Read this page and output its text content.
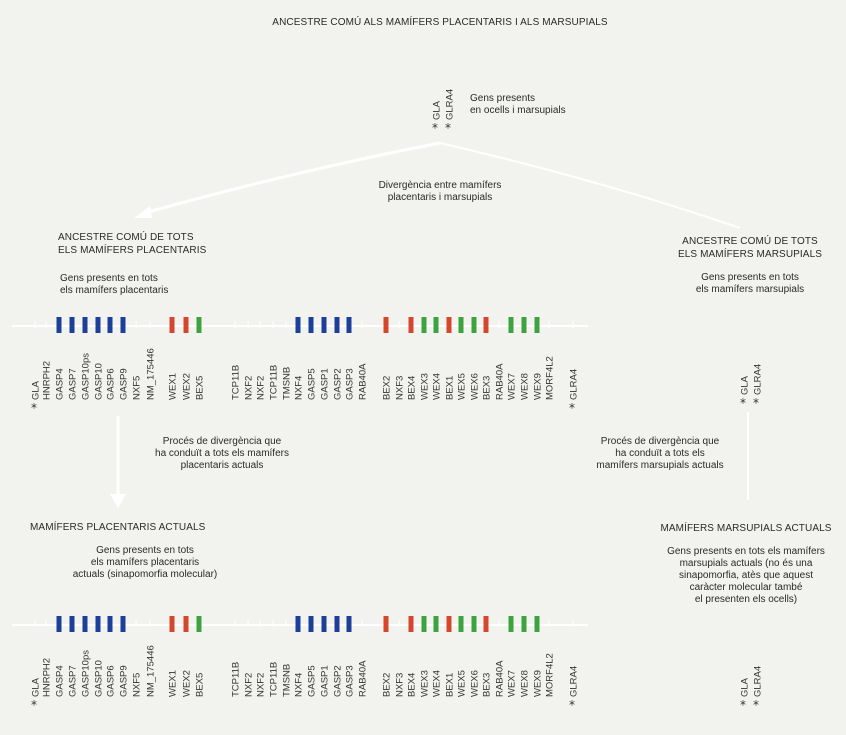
GLA
*
HNRPH2 GASP4 GASP7 GASP10ps GASP10 GASP6 GASP9 NXF5 NM_175446 WEX1 WEX2 BEX5	TCP11B NXF2 NXF2 TCP11B TMSNB NXF4 GASP5 GASP1 GASP2 GASP3 RAB40A BEX2 NXF3 BEX4 WEX3 WEX4 BEX1 WEX5 WEX6 BEX3 RAB40A WEX7 WEX8 WEX9 MORF4L2 GLRA4
*
GLA
*
HNRPH2 GASP4 GASP7 GASP10ps GASP10 GASP6 GASP9 NXF5 NM_175446 WEX1 WEX2 BEX5	TCP11B NXF2 NXF2 TCP11B TMSNB NXF4 GASP5 GASP1 GASP2 GASP3 RAB40A BEX2 NXF3 BEX4 WEX3 WEX4 BEX1 WEX5 WEX6 BEX3 RAB40A WEX7 WEX8 WEX9 MORF4L2 GLRA4
*
GLA
*
GLRA4
*
GLA
*
GLRA4
*
GLA
*
GLRA4
*
ANCESTRE COMÚ ALS MAMÍFERS PLACENTARIS I ALS MARSUPIALS
Gens presents
en ocells i marsupials
Divergència entre mamífers
placentaris i marsupials
ANCESTRE COMÚ DE TOTS
ELS MAMÍFERS PLACENTARIS
Gens presents en tots
els mamífers placentaris
ANCESTRE COMÚ DE TOTS
ELS MAMÍFERS MARSUPIALS
Gens presents en tots
els mamífers marsupials
Procés de divergència que
ha conduït a tots els mamífers
placentaris actuals
Procés de divergència que
ha conduït a tots els
mamífers marsupials actuals
MAMÍFERS PLACENTARIS ACTUALS
Gens presents en tots
els mamífers placentaris
actuals (sinapomorfia molecular)
MAMÍFERS MARSUPIALS ACTUALS
Gens presents en tots els mamífers
marsupials actuals (no és una
sinapomorfia, atès que aquest
caràcter molecular també
el presenten els ocells)
